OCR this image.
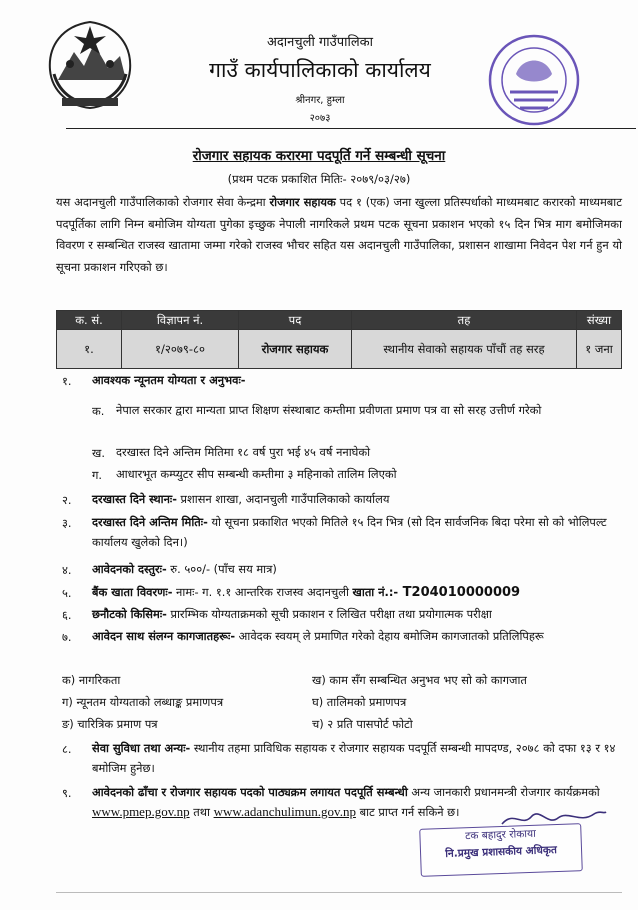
अदानचुली गाउँपालिका
गाउँ कार्यपालिकाको कार्यालय
श्रीनगर, हुम्ला
२०७३
रोजगार सहायक करारमा पदपूर्ति गर्ने सम्बन्धी सूचना
(प्रथम पटक प्रकाशित मितिः- २०७९/०३/२७)
यस अदानचुली गाउँपालिकाको रोजगार सेवा केन्द्रमा रोजगार सहायक पद १ (एक) जना खुल्ला प्रतिस्पर्धाको माध्यमबाट करारको माध्यमबाट पदपूर्तिका लागि निम्न बमोजिम योग्यता पुगेका इच्छुक नेपाली नागरिकले प्रथम पटक सूचना प्रकाशन भएको १५ दिन भित्र माग बमोजिमका विवरण र सम्बन्धित राजस्व खातामा जम्मा गरेको राजस्व भौचर सहित यस अदानचुली गाउँपालिका, प्रशासन शाखामा निवेदन पेश गर्न हुन यो सूचना प्रकाशन गरिएको छ।
क. सं.	विज्ञापन नं.	पद	तह	संख्या
१.	१/२०७९-८०	रोजगार सहायक	स्थानीय सेवाको सहायक पाँचौं तह सरह	१ जना
१. आवश्यक न्यूनतम योग्यता र अनुभवः-
क. नेपाल सरकार द्वारा मान्यता प्राप्त शिक्षण संस्थाबाट कम्तीमा प्रवीणता प्रमाण पत्र वा सो सरह उत्तीर्ण गरेको
ख. दरखास्त दिने अन्तिम मितिमा १८ वर्ष पुरा भई ४५ वर्ष ननाघेको
ग. आधारभूत कम्प्युटर सीप सम्बन्धी कम्तीमा ३ महिनाको तालिम लिएको
२. दरखास्त दिने स्थानः- प्रशासन शाखा, अदानचुली गाउँपालिकाको कार्यालय
३. दरखास्त दिने अन्तिम मितिः- यो सूचना प्रकाशित भएको मितिले १५ दिन भित्र (सो दिन सार्वजनिक बिदा परेमा सो को भोलिपल्ट कार्यालय खुलेको दिन।)
४. आवेदनको दस्तुरः- रु. ५००/- (पाँच सय मात्र)
५. बैंक खाता विवरणः- नामः- ग. १.१ आन्तरिक राजस्व अदानचुली खाता नं.:- T204010000009
६. छनौटको किसिमः- प्रारम्भिक योग्यताक्रमको सूची प्रकाशन र लिखित परीक्षा तथा प्रयोगात्मक परीक्षा
७. आवेदन साथ संलग्न कागजातहरूः- आवेदक स्वयम् ले प्रमाणित गरेको देहाय बमोजिम कागजातको प्रतिलिपिहरू
क) नागरिकता	ख) काम सँग सम्बन्धित अनुभव भए सो को कागजात
ग) न्यूनतम योग्यताको लब्धाङ्क प्रमाणपत्र	घ) तालिमको प्रमाणपत्र
ङ) चारित्रिक प्रमाण पत्र	च) २ प्रति पासपोर्ट फोटो
८. सेवा सुविधा तथा अन्यः- स्थानीय तहमा प्राविधिक सहायक र रोजगार सहायक पदपूर्ति सम्बन्धी मापदण्ड, २०७८ को दफा १३ र १४ बमोजिम हुनेछ।
९. आवेदनको ढाँचा र रोजगार सहायक पदको पाठ्यक्रम लगायत पदपूर्ति सम्बन्धी अन्य जानकारी प्रधानमन्त्री रोजगार कार्यक्रमको www.pmep.gov.np तथा www.adanchulimun.gov.np बाट प्राप्त गर्न सकिने छ।
टक बहादुर रोकाया
नि.प्रमुख प्रशासकीय अधिकृत
